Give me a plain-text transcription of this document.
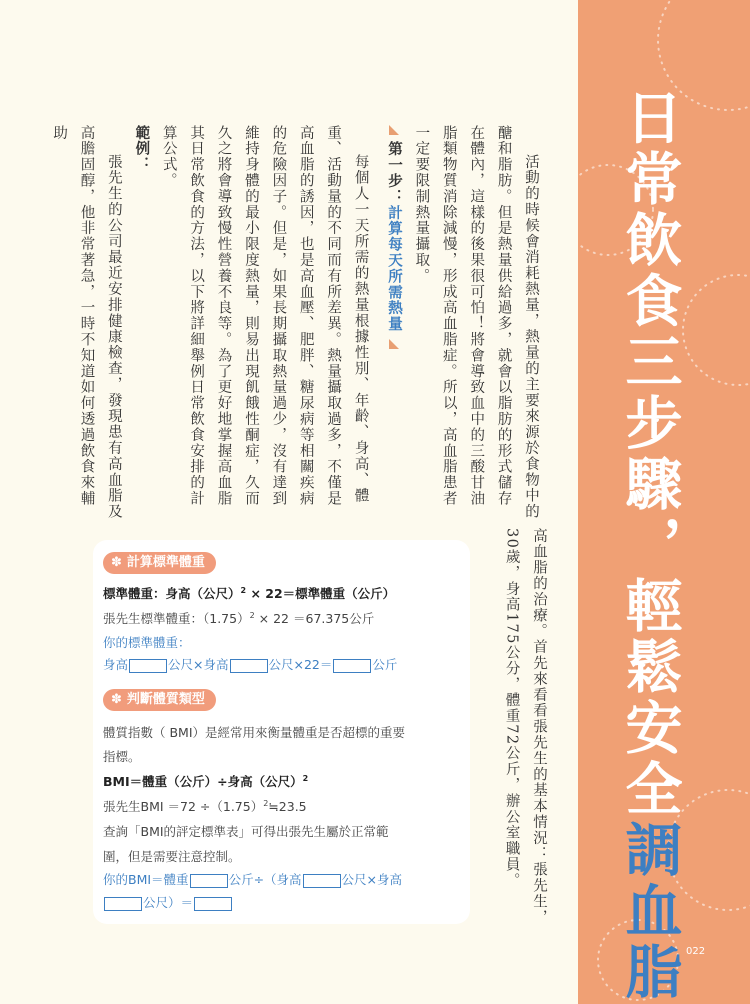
日常飲食三步驟，輕鬆安全調血脂 022

活動的時候會消耗熱量，熱量的主要來源於食物中的醣和脂肪。但是熱量供給過多，就會以脂肪的形式儲存在體內，這樣的後果很可怕！將會導致血中的三酸甘油脂類物質消除減慢，形成高血脂症。所以，高血脂患者一定要限制熱量攝取。

第一步：計算每天所需熱量

每個人一天所需的熱量根據性別、年齡、身高、體重、活動量的不同而有所差異。熱量攝取過多，不僅是高血脂的誘因，也是高血壓、肥胖、糖尿病等相關疾病的危險因子。但是，如果長期攝取熱量過少，沒有達到維持身體的最小限度熱量，則易出現飢餓性酮症，久而久之將會導致慢性營養不良等。為了更好地掌握高血脂其日常飲食的方法，以下將詳細舉例日常飲食安排的計算公式。

範例：

張先生的公司最近安排健康檢查，發現患有高血脂及高膽固醇，他非常著急，一時不知道如何透過飲食來輔助

高血脂的治療。首先來看看張先生的基本情況：張先生，30歲，身高175公分，體重72公斤，辦公室職員。

✽ 計算標準體重
標準體重：身高（公尺）$^2$ × 22＝標準體重（公斤）
張先生標準體重：$(1.75)^2 \times 22 =67.375$公斤
你的標準體重：
身高	公尺×身高	公尺×22＝	公斤
✽ 判斷體質類型
體質指數（ BMI）是經常用來衡量體重是否超標的重要
指標。
BMI＝體重（公斤）÷身高（公尺）$^2$
張先生BMI $=72 \div(1.75)^2≒23.5$
查詢「BMI的評定標準表」可得出張先生屬於正常範
圍，但是需要注意控制。
你的BMI＝體重	公斤÷（身高	公尺×身高
公尺）＝
